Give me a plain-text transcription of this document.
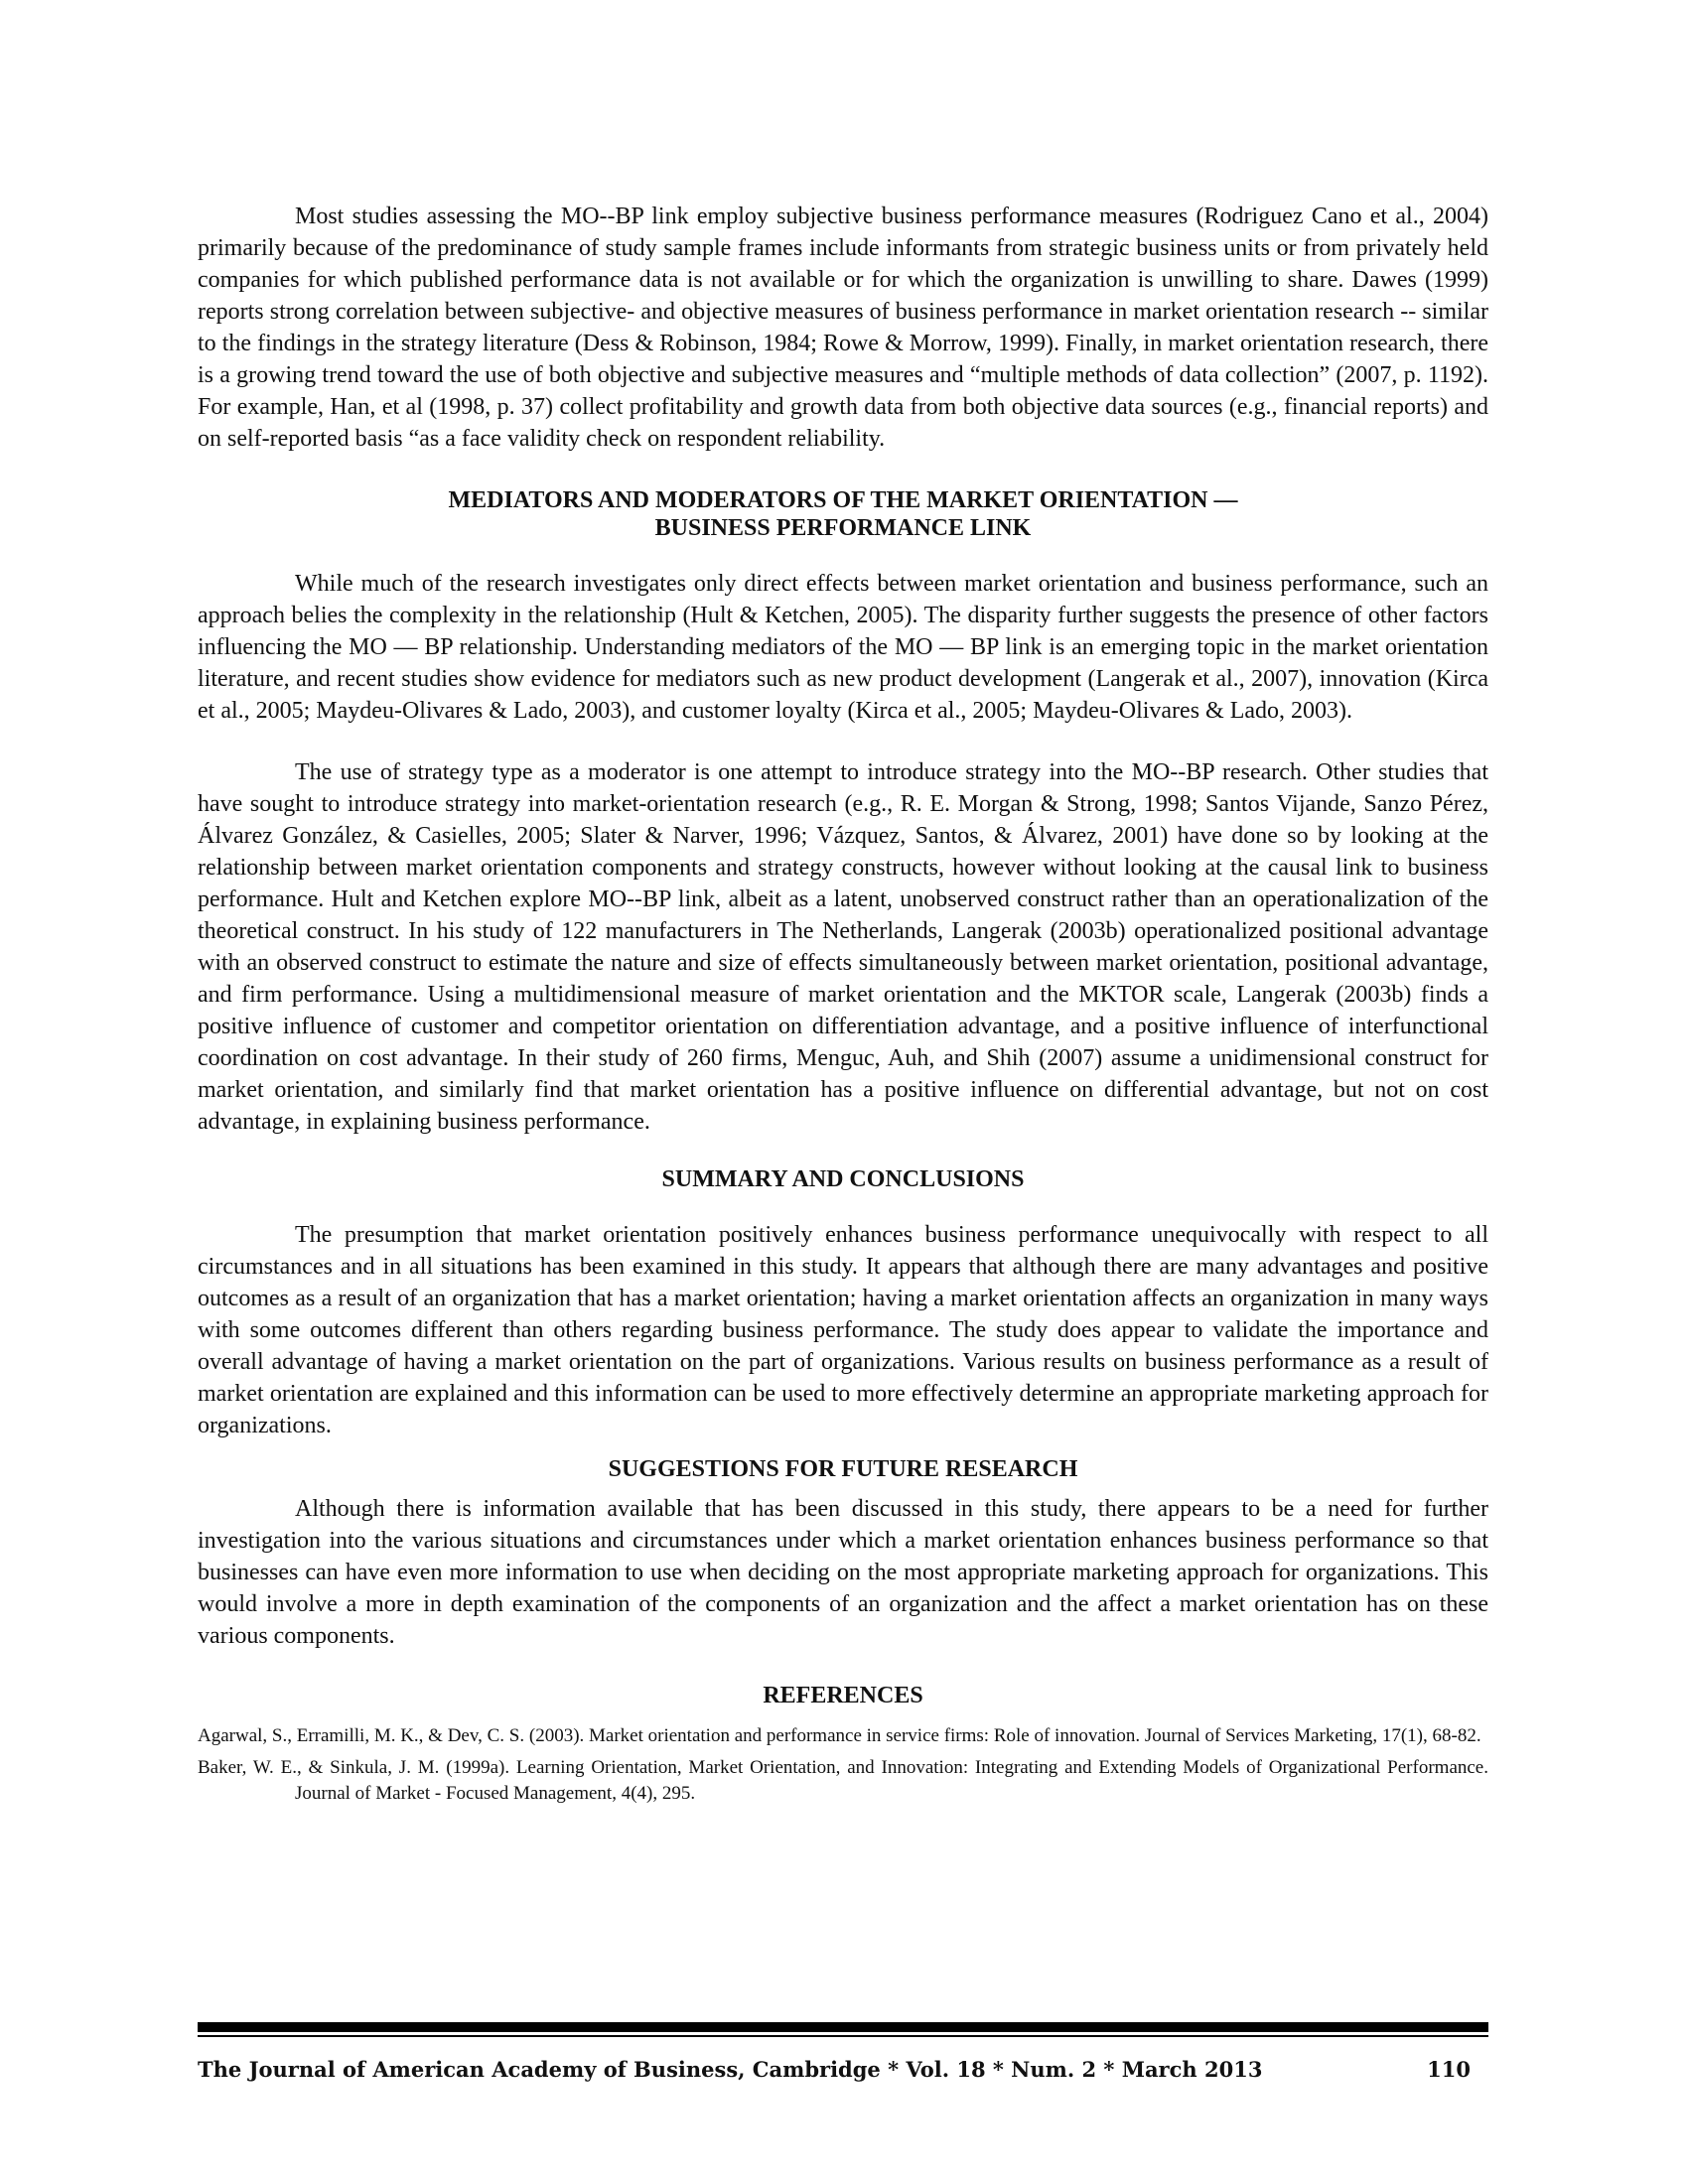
Most studies assessing the MO--BP link employ subjective business performance measures (Rodriguez Cano et al., 2004) primarily because of the predominance of study sample frames include informants from strategic business units or from privately held companies for which published performance data is not available or for which the organization is unwilling to share. Dawes (1999) reports strong correlation between subjective- and objective measures of business performance in market orientation research -- similar to the findings in the strategy literature (Dess & Robinson, 1984; Rowe & Morrow, 1999). Finally, in market orientation research, there is a growing trend toward the use of both objective and subjective measures and “multiple methods of data collection” (2007, p. 1192). For example, Han, et al (1998, p. 37) collect profitability and growth data from both objective data sources (e.g., financial reports) and on self-reported basis “as a face validity check on respondent reliability.

MEDIATORS AND MODERATORS OF THE MARKET ORIENTATION —
BUSINESS PERFORMANCE LINK

While much of the research investigates only direct effects between market orientation and business performance, such an approach belies the complexity in the relationship (Hult & Ketchen, 2005). The disparity further suggests the presence of other factors influencing the MO — BP relationship. Understanding mediators of the MO — BP link is an emerging topic in the market orientation literature, and recent studies show evidence for mediators such as new product development (Langerak et al., 2007), innovation (Kirca et al., 2005; Maydeu-Olivares & Lado, 2003), and customer loyalty (Kirca et al., 2005; Maydeu-Olivares & Lado, 2003).

The use of strategy type as a moderator is one attempt to introduce strategy into the MO--BP research. Other studies that have sought to introduce strategy into market-orientation research (e.g., R. E. Morgan & Strong, 1998; Santos Vijande, Sanzo Pérez, Álvarez González, & Casielles, 2005; Slater & Narver, 1996; Vázquez, Santos, & Álvarez, 2001) have done so by looking at the relationship between market orientation components and strategy constructs, however without looking at the causal link to business performance. Hult and Ketchen explore MO--BP link, albeit as a latent, unobserved construct rather than an operationalization of the theoretical construct. In his study of 122 manufacturers in The Netherlands, Langerak (2003b) operationalized positional advantage with an observed construct to estimate the nature and size of effects simultaneously between market orientation, positional advantage, and firm performance. Using a multidimensional measure of market orientation and the MKTOR scale, Langerak (2003b) finds a positive influence of customer and competitor orientation on differentiation advantage, and a positive influence of interfunctional coordination on cost advantage. In their study of 260 firms, Menguc, Auh, and Shih (2007) assume a unidimensional construct for market orientation, and similarly find that market orientation has a positive influence on differential advantage, but not on cost advantage, in explaining business performance.

SUMMARY AND CONCLUSIONS

The presumption that market orientation positively enhances business performance unequivocally with respect to all circumstances and in all situations has been examined in this study. It appears that although there are many advantages and positive outcomes as a result of an organization that has a market orientation; having a market orientation affects an organization in many ways with some outcomes different than others regarding business performance. The study does appear to validate the importance and overall advantage of having a market orientation on the part of organizations. Various results on business performance as a result of market orientation are explained and this information can be used to more effectively determine an appropriate marketing approach for organizations.

SUGGESTIONS FOR FUTURE RESEARCH

Although there is information available that has been discussed in this study, there appears to be a need for further investigation into the various situations and circumstances under which a market orientation enhances business performance so that businesses can have even more information to use when deciding on the most appropriate marketing approach for organizations. This would involve a more in depth examination of the components of an organization and the affect a market orientation has on these various components.

REFERENCES

Agarwal, S., Erramilli, M. K., & Dev, C. S. (2003). Market orientation and performance in service firms: Role of innovation. Journal of Services Marketing, 17(1), 68-82.

Baker, W. E., & Sinkula, J. M. (1999a). Learning Orientation, Market Orientation, and Innovation: Integrating and Extending Models of Organizational Performance. Journal of Market - Focused Management, 4(4), 295.

The Journal of American Academy of Business, Cambridge * Vol. 18 * Num. 2 * March 2013	110
